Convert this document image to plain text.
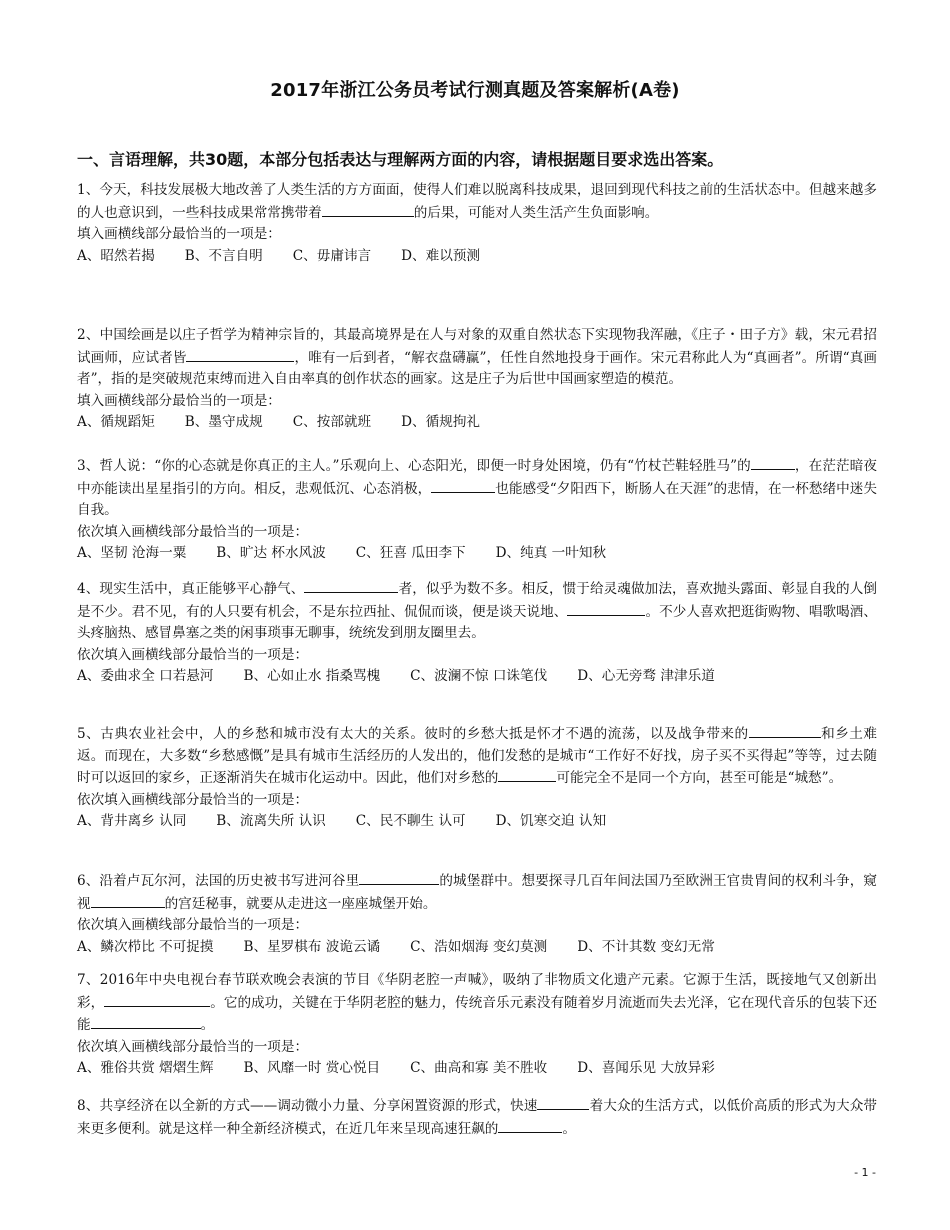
2017年浙江公务员考试行测真题及答案解析(A卷)
一、言语理解，共30题，本部分包括表达与理解两方面的内容，请根据题目要求选出答案。

1、今天，科技发展极大地改善了人类生活的方方面面，使得人们难以脱离科技成果，退回到现代科技之前的生活状态中。但越来越多的人也意识到，一些科技成果常常携带着	的后果，可能对人类生活产生负面影响。

填入画横线部分最恰当的一项是：

A、昭然若揭 B、不言自明 C、毋庸讳言 D、难以预测

2、中国绘画是以庄子哲学为精神宗旨的，其最高境界是在人与对象的双重自然状态下实现物我浑融，《庄子・田子方》载，宋元君招试画师，应试者皆	，唯有一后到者，“解衣盘礴赢”，任性自然地投身于画作。宋元君称此人为“真画者”。所谓“真画者”，指的是突破规范束缚而进入自由率真的创作状态的画家。这是庄子为后世中国画家塑造的模范。

填入画横线部分最恰当的一项是：

A、循规蹈矩 B、墨守成规 C、按部就班 D、循规拘礼

3、哲人说：“你的心态就是你真正的主人。”乐观向上、心态阳光，即便一时身处困境，仍有“竹杖芒鞋轻胜马”的	，在茫茫暗夜中亦能读出星星指引的方向。相反，悲观低沉、心态消极，	也能感受“夕阳西下，断肠人在天涯”的悲情，在一杯愁绪中迷失自我。

依次填入画横线部分最恰当的一项是：

A、坚韧 沧海一粟 B、旷达 杯水风波 C、狂喜 瓜田李下 D、纯真 一叶知秋

4、现实生活中，真正能够平心静气、	者，似乎为数不多。相反，惯于给灵魂做加法，喜欢抛头露面、彰显自我的人倒是不少。君不见，有的人只要有机会，不是东拉西扯、侃侃而谈，便是谈天说地、	。不少人喜欢把逛街购物、唱歌喝酒、头疼脑热、感冒鼻塞之类的闲事琐事无聊事，统统发到朋友圈里去。

依次填入画横线部分最恰当的一项是：

A、委曲求全 口若悬河 B、心如止水 指桑骂槐 C、波澜不惊 口诛笔伐 D、心无旁骛 津津乐道

5、古典农业社会中，人的乡愁和城市没有太大的关系。彼时的乡愁大抵是怀才不遇的流荡，以及战争带来的	和乡土难返。而现在，大多数“乡愁感慨”是具有城市生活经历的人发出的，他们发愁的是城市“工作好不好找，房子买不买得起”等等，过去随时可以返回的家乡，正逐渐消失在城市化运动中。因此，他们对乡愁的	可能完全不是同一个方向，甚至可能是“城愁”。

依次填入画横线部分最恰当的一项是：

A、背井离乡 认同 B、流离失所 认识 C、民不聊生 认可 D、饥寒交迫 认知

6、沿着卢瓦尔河，法国的历史被书写进河谷里	的城堡群中。想要探寻几百年间法国乃至欧洲王官贵胄间的权利斗争，窥视	的宫廷秘事，就要从走进这一座座城堡开始。

依次填入画横线部分最恰当的一项是：

A、鳞次栉比 不可捉摸 B、星罗棋布 波诡云谲 C、浩如烟海 变幻莫测 D、不计其数 变幻无常

7、2016年中央电视台春节联欢晚会表演的节目《华阴老腔一声喊》，吸纳了非物质文化遗产元素。它源于生活，既接地气又创新出彩，	。它的成功，关键在于华阴老腔的魅力，传统音乐元素没有随着岁月流逝而失去光泽，它在现代音乐的包装下还能	。

依次填入画横线部分最恰当的一项是：

A、雅俗共赏 熠熠生辉 B、风靡一时 赏心悦目 C、曲高和寡 美不胜收 D、喜闻乐见 大放异彩

8、共享经济在以全新的方式——调动微小力量、分享闲置资源的形式，快速	着大众的生活方式，以低价高质的形式为大众带来更多便利。就是这样一种全新经济模式，在近几年来呈现高速狂飙的	。

- 1 -
